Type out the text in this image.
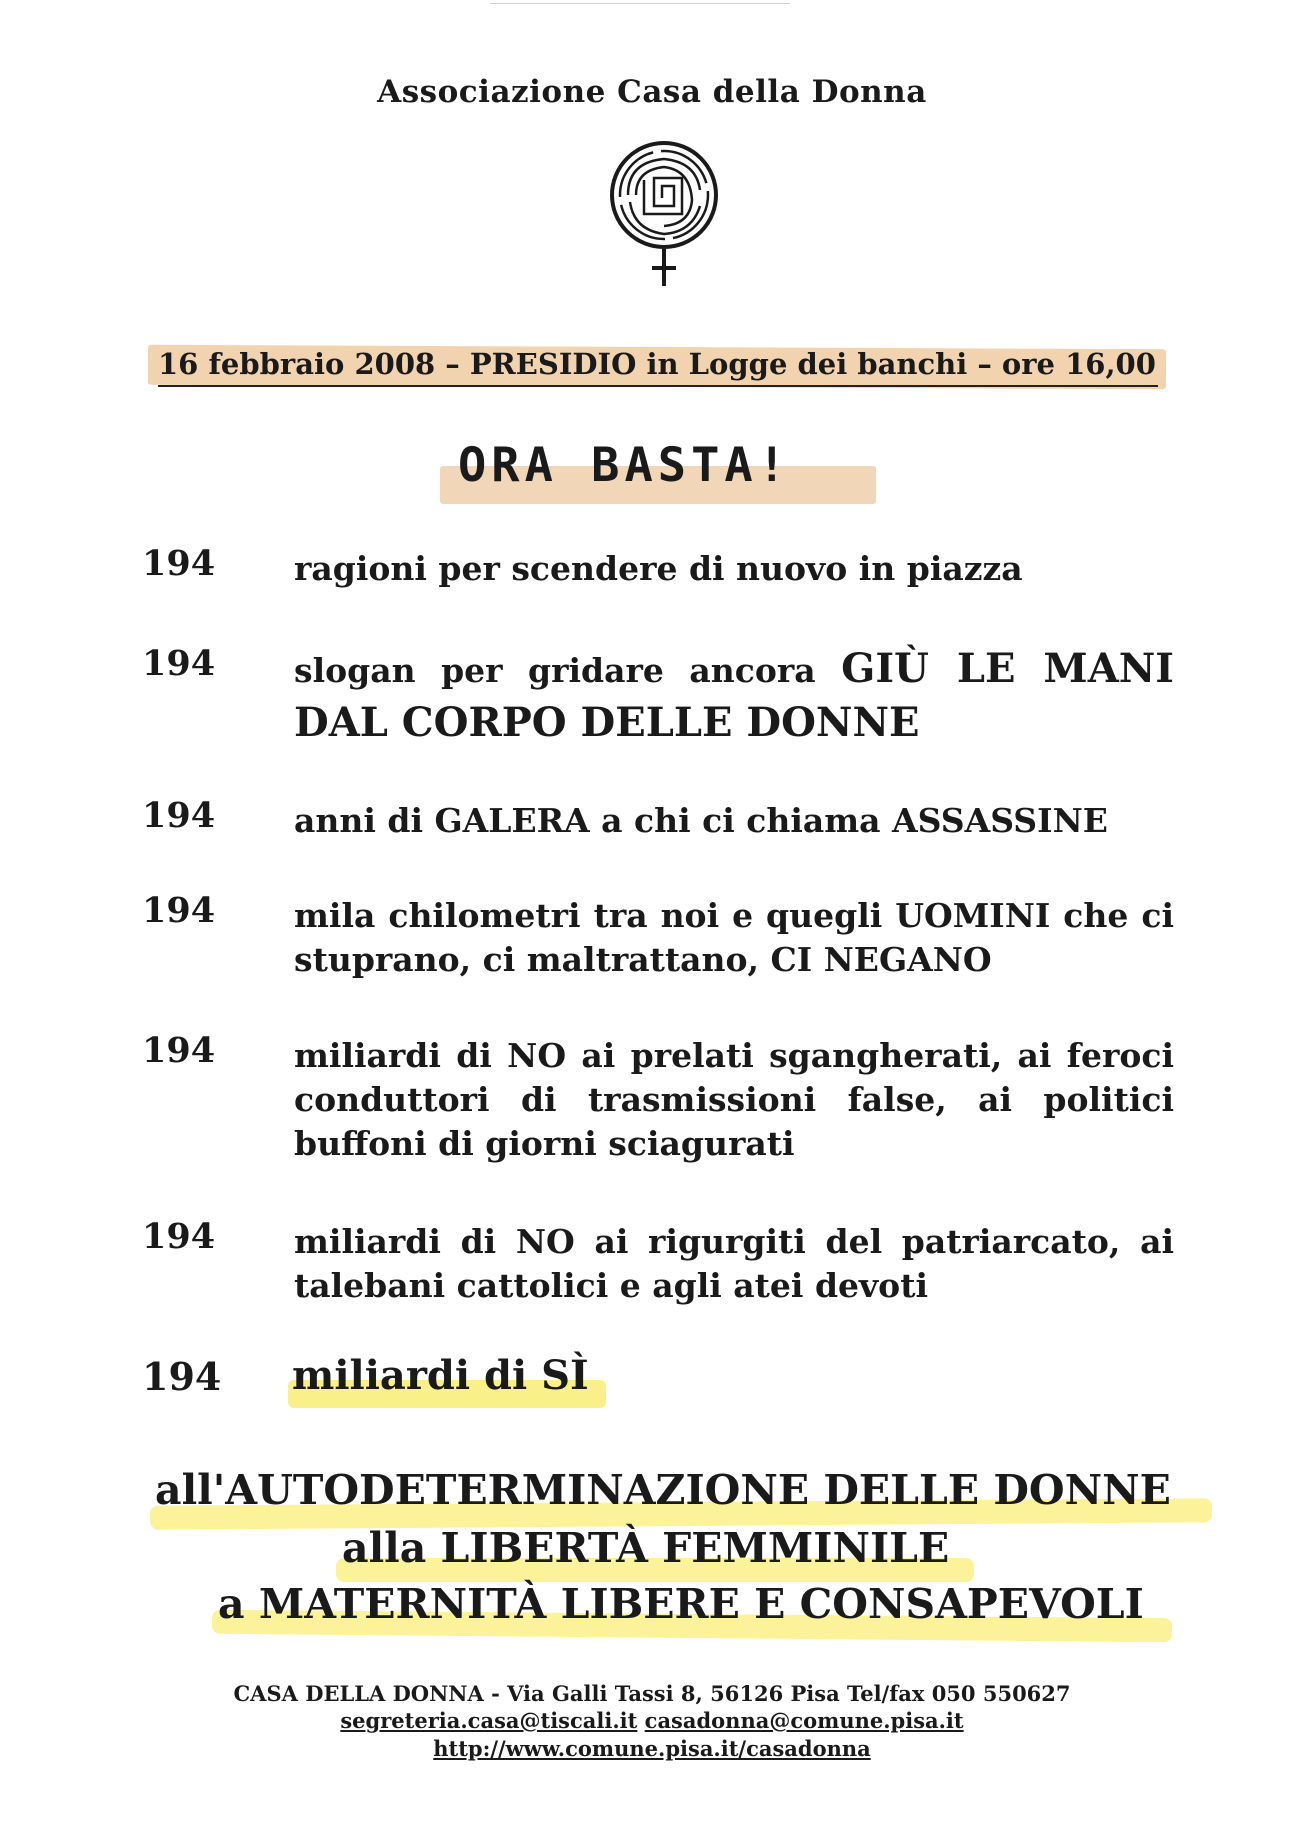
Associazione Casa della Donna
16 febbraio 2008 – PRESIDIO in Logge dei banchi – ore 16,00
ORA BASTA!
194 ragioni per scendere di nuovo in piazza
194 slogan per gridare ancora GIÙ LE MANI DAL CORPO DELLE DONNE
194 anni di GALERA a chi ci chiama ASSASSINE
194 mila chilometri tra noi e quegli UOMINI che ci stuprano, ci maltrattano, CI NEGANO
194 miliardi di NO ai prelati sgangherati, ai feroci conduttori di trasmissioni false, ai politici buffoni di giorni sciagurati
194 miliardi di NO ai rigurgiti del patriarcato, ai talebani cattolici e agli atei devoti
194 miliardi di SÌ
all'AUTODETERMINAZIONE DELLE DONNE
alla LIBERTÀ FEMMINILE
a MATERNITÀ LIBERE E CONSAPEVOLI
CASA DELLA DONNA - Via Galli Tassi 8, 56126 Pisa Tel/fax 050 550627
segreteria.casa@tiscali.it casadonna@comune.pisa.it
http://www.comune.pisa.it/casadonna
